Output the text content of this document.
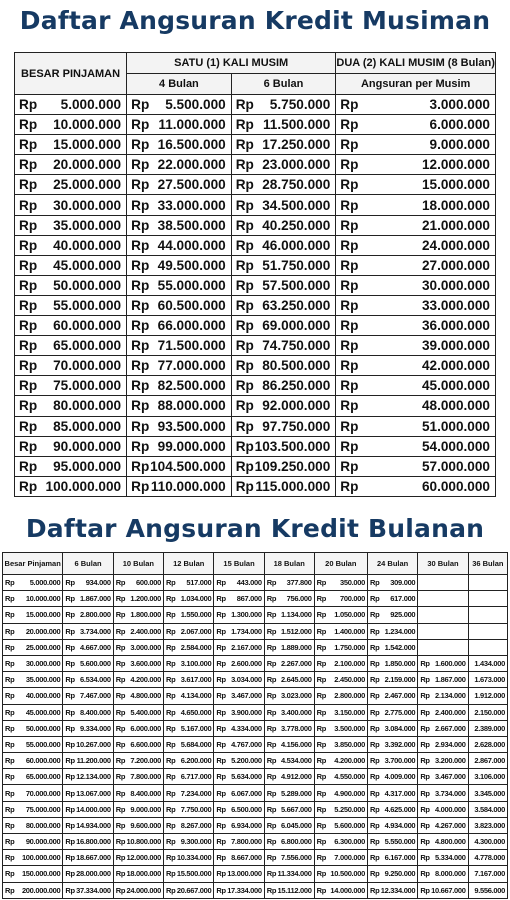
Daftar Angsuran Kredit Musiman
BESAR PINJAMAN		SATU (1) KALI MUSIM				DUA (2) KALI MUSIM (8 Bulan)	
		4 Bulan		6 Bulan		Angsuran per Musim	
Rp	5.000.000	Rp	5.500.000	Rp	5.750.000	Rp	3.000.000
Rp	10.000.000	Rp	11.000.000	Rp	11.500.000	Rp	6.000.000
Rp	15.000.000	Rp	16.500.000	Rp	17.250.000	Rp	9.000.000
Rp	20.000.000	Rp	22.000.000	Rp	23.000.000	Rp	12.000.000
Rp	25.000.000	Rp	27.500.000	Rp	28.750.000	Rp	15.000.000
Rp	30.000.000	Rp	33.000.000	Rp	34.500.000	Rp	18.000.000
Rp	35.000.000	Rp	38.500.000	Rp	40.250.000	Rp	21.000.000
Rp	40.000.000	Rp	44.000.000	Rp	46.000.000	Rp	24.000.000
Rp	45.000.000	Rp	49.500.000	Rp	51.750.000	Rp	27.000.000
Rp	50.000.000	Rp	55.000.000	Rp	57.500.000	Rp	30.000.000
Rp	55.000.000	Rp	60.500.000	Rp	63.250.000	Rp	33.000.000
Rp	60.000.000	Rp	66.000.000	Rp	69.000.000	Rp	36.000.000
Rp	65.000.000	Rp	71.500.000	Rp	74.750.000	Rp	39.000.000
Rp	70.000.000	Rp	77.000.000	Rp	80.500.000	Rp	42.000.000
Rp	75.000.000	Rp	82.500.000	Rp	86.250.000	Rp	45.000.000
Rp	80.000.000	Rp	88.000.000	Rp	92.000.000	Rp	48.000.000
Rp	85.000.000	Rp	93.500.000	Rp	97.750.000	Rp	51.000.000
Rp	90.000.000	Rp	99.000.000	Rp	103.500.000	Rp	54.000.000
Rp	95.000.000	Rp	104.500.000	Rp	109.250.000	Rp	57.000.000
Rp	100.000.000	Rp	110.000.000	Rp	115.000.000	Rp	60.000.000
Daftar Angsuran Kredit Bulanan
Besar Pinjaman		6 Bulan		10 Bulan		12 Bulan		15 Bulan		18 Bulan		20 Bulan		24 Bulan		30 Bulan		36 Bulan
Rp	5.000.000	Rp	934.000	Rp	600.000	Rp	517.000	Rp	443.000	Rp	377.800	Rp	350.000	Rp	309.000			
Rp	10.000.000	Rp	1.867.000	Rp	1.200.000	Rp	1.034.000	Rp	867.000	Rp	756.000	Rp	700.000	Rp	617.000			
Rp	15.000.000	Rp	2.800.000	Rp	1.800.000	Rp	1.550.000	Rp	1.300.000	Rp	1.134.000	Rp	1.050.000	Rp	925.000			
Rp	20.000.000	Rp	3.734.000	Rp	2.400.000	Rp	2.067.000	Rp	1.734.000	Rp	1.512.000	Rp	1.400.000	Rp	1.234.000			
Rp	25.000.000	Rp	4.667.000	Rp	3.000.000	Rp	2.584.000	Rp	2.167.000	Rp	1.889.000	Rp	1.750.000	Rp	1.542.000			
Rp	30.000.000	Rp	5.600.000	Rp	3.600.000	Rp	3.100.000	Rp	2.600.000	Rp	2.267.000	Rp	2.100.000	Rp	1.850.000	Rp	1.600.000	1.434.000
Rp	35.000.000	Rp	6.534.000	Rp	4.200.000	Rp	3.617.000	Rp	3.034.000	Rp	2.645.000	Rp	2.450.000	Rp	2.159.000	Rp	1.867.000	1.673.000
Rp	40.000.000	Rp	7.467.000	Rp	4.800.000	Rp	4.134.000	Rp	3.467.000	Rp	3.023.000	Rp	2.800.000	Rp	2.467.000	Rp	2.134.000	1.912.000
Rp	45.000.000	Rp	8.400.000	Rp	5.400.000	Rp	4.650.000	Rp	3.900.000	Rp	3.400.000	Rp	3.150.000	Rp	2.775.000	Rp	2.400.000	2.150.000
Rp	50.000.000	Rp	9.334.000	Rp	6.000.000	Rp	5.167.000	Rp	4.334.000	Rp	3.778.000	Rp	3.500.000	Rp	3.084.000	Rp	2.667.000	2.389.000
Rp	55.000.000	Rp	10.267.000	Rp	6.600.000	Rp	5.684.000	Rp	4.767.000	Rp	4.156.000	Rp	3.850.000	Rp	3.392.000	Rp	2.934.000	2.628.000
Rp	60.000.000	Rp	11.200.000	Rp	7.200.000	Rp	6.200.000	Rp	5.200.000	Rp	4.534.000	Rp	4.200.000	Rp	3.700.000	Rp	3.200.000	2.867.000
Rp	65.000.000	Rp	12.134.000	Rp	7.800.000	Rp	6.717.000	Rp	5.634.000	Rp	4.912.000	Rp	4.550.000	Rp	4.009.000	Rp	3.467.000	3.106.000
Rp	70.000.000	Rp	13.067.000	Rp	8.400.000	Rp	7.234.000	Rp	6.067.000	Rp	5.289.000	Rp	4.900.000	Rp	4.317.000	Rp	3.734.000	3.345.000
Rp	75.000.000	Rp	14.000.000	Rp	9.000.000	Rp	7.750.000	Rp	6.500.000	Rp	5.667.000	Rp	5.250.000	Rp	4.625.000	Rp	4.000.000	3.584.000
Rp	80.000.000	Rp	14.934.000	Rp	9.600.000	Rp	8.267.000	Rp	6.934.000	Rp	6.045.000	Rp	5.600.000	Rp	4.934.000	Rp	4.267.000	3.823.000
Rp	90.000.000	Rp	16.800.000	Rp	10.800.000	Rp	9.300.000	Rp	7.800.000	Rp	6.800.000	Rp	6.300.000	Rp	5.550.000	Rp	4.800.000	4.300.000
Rp	100.000.000	Rp	18.667.000	Rp	12.000.000	Rp	10.334.000	Rp	8.667.000	Rp	7.556.000	Rp	7.000.000	Rp	6.167.000	Rp	5.334.000	4.778.000
Rp	150.000.000	Rp	28.000.000	Rp	18.000.000	Rp	15.500.000	Rp	13.000.000	Rp	11.334.000	Rp	10.500.000	Rp	9.250.000	Rp	8.000.000	7.167.000
Rp	200.000.000	Rp	37.334.000	Rp	24.000.000	Rp	20.667.000	Rp	17.334.000	Rp	15.112.000	Rp	14.000.000	Rp	12.334.000	Rp	10.667.000	9.556.000
